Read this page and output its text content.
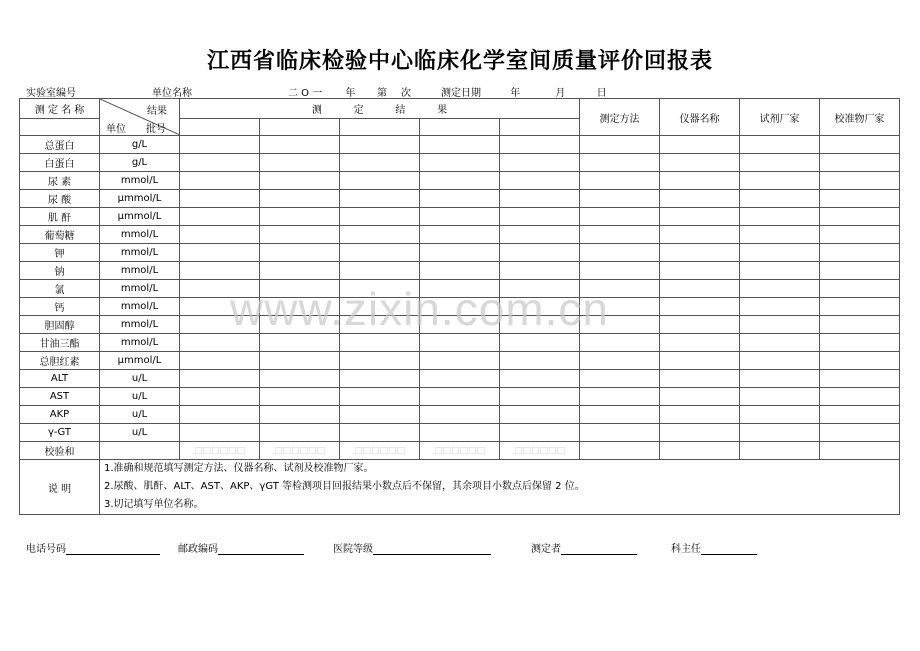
江西省临床检验中心临床化学室间质量评价回报表
实验室编号	单位名称	二 O 一 年 第 次	测定日期	年	月	日
测 定 名 称	结果
单位 批号	测          定          结          果					测定方法	仪器名称	试剂厂家	校准物厂家

总蛋白	g/L									
白蛋白	g/L									
尿 素	mmol/L									
尿 酸	μmmol/L									
肌 酐	μmmol/L									
葡萄糖	mmol/L									
钾	mmol/L									
钠	mmol/L									
氯	mmol/L									
钙	mmol/L									
胆固醇	mmol/L									
甘油三酯	mmol/L									
总胆红素	μmmol/L									
ALT	u/L									
AST	u/L									
AKP	u/L									
γ-GT	u/L									
校验和		□□□□□□	□□□□□□	□□□□□□	□□□□□□	□□□□□□				
说 明	1.准确和规范填写测定方法、仪器名称、试剂及校准物厂家。
2.尿酸、肌酐、ALT、AST、AKP、γGT 等检测项目回报结果小数点后不保留，其余项目小数点后保留 2 位。
3.切记填写单位名称。									
www.zixin.com.cn
电话号码	邮政编码	医院等级	测定者	科主任
